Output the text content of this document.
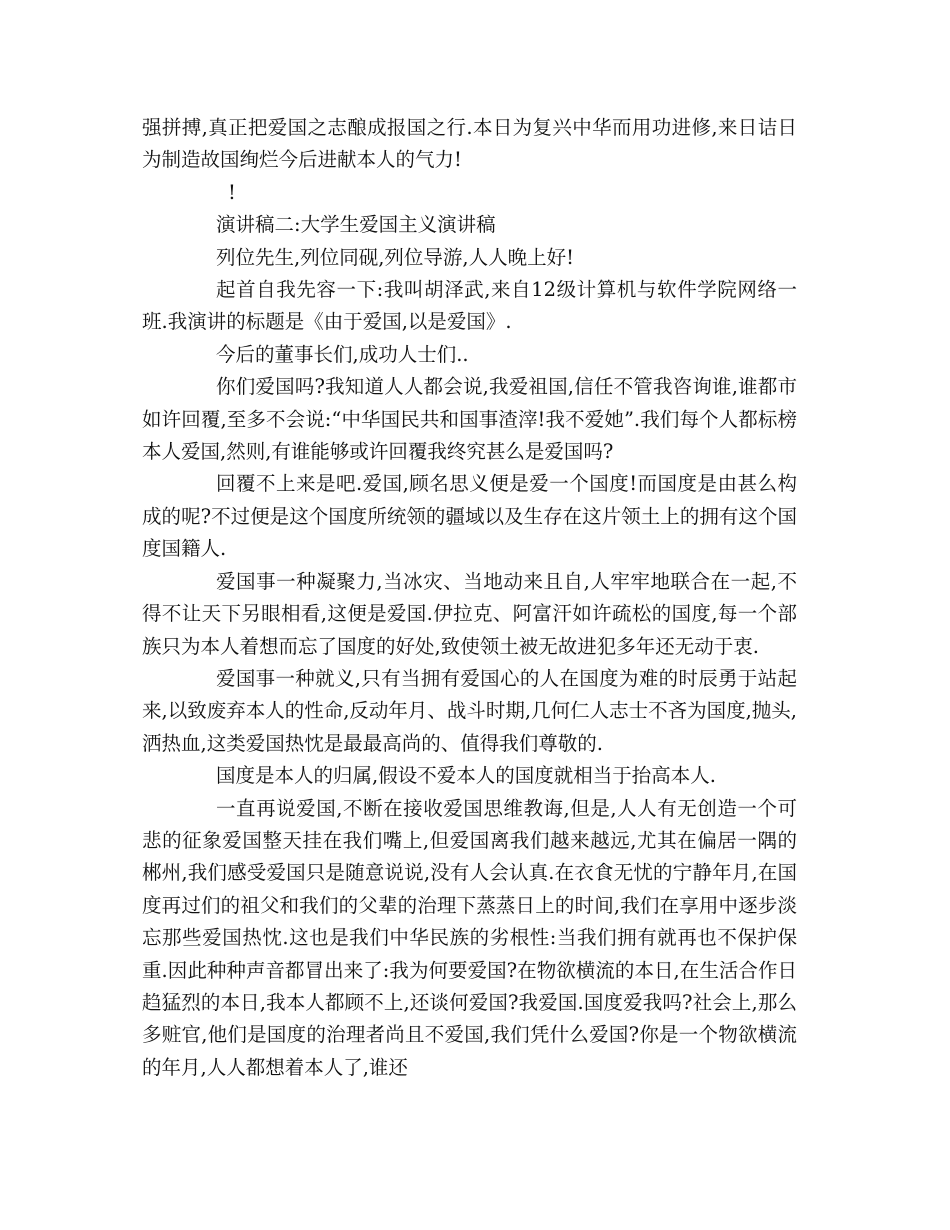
强拼搏,真正把爱国之志酿成报国之行.本日为复兴中华而用功进修,来日诘日为制造故国绚烂今后进献本人的气力!

!

演讲稿二:大学生爱国主义演讲稿

列位先生,列位同砚,列位导游,人人晚上好!

起首自我先容一下:我叫胡泽武,来自12级计算机与软件学院网络一班.我演讲的标题是《由于爱国,以是爱国》.

今后的董事长们,成功人士们..

你们爱国吗?我知道人人都会说,我爱祖国,信任不管我咨询谁,谁都市如许回覆,至多不会说:“中华国民共和国事渣滓!我不爱她”.我们每个人都标榜本人爱国,然则,有谁能够或许回覆我终究甚么是爱国吗?

回覆不上来是吧.爱国,顾名思义便是爱一个国度!而国度是由甚么构成的呢?不过便是这个国度所统领的疆域以及生存在这片领土上的拥有这个国度国籍人.

爱国事一种凝聚力,当冰灾、当地动来且自,人牢牢地联合在一起,不得不让天下另眼相看,这便是爱国.伊拉克、阿富汗如许疏松的国度,每一个部族只为本人着想而忘了国度的好处,致使领土被无故进犯多年还无动于衷.

爱国事一种就义,只有当拥有爱国心的人在国度为难的时辰勇于站起来,以致废弃本人的性命,反动年月、战斗时期,几何仁人志士不吝为国度,抛头,洒热血,这类爱国热忱是最最高尚的、值得我们尊敬的.

国度是本人的归属,假设不爱本人的国度就相当于抬高本人.

一直再说爱国,不断在接收爱国思维教诲,但是,人人有无创造一个可悲的征象爱国整天挂在我们嘴上,但爱国离我们越来越远,尤其在偏居一隅的郴州,我们感受爱国只是随意说说,没有人会认真.在衣食无忧的宁静年月,在国度再过们的祖父和我们的父辈的治理下蒸蒸日上的时间,我们在享用中逐步淡忘那些爱国热忱.这也是我们中华民族的劣根性:当我们拥有就再也不保护保重.因此种种声音都冒出来了:我为何要爱国?在物欲横流的本日,在生活合作日趋猛烈的本日,我本人都顾不上,还谈何爱国?我爱国.国度爱我吗?社会上,那么多赃官,他们是国度的治理者尚且不爱国,我们凭什么爱国?你是一个物欲横流的年月,人人都想着本人了,谁还
